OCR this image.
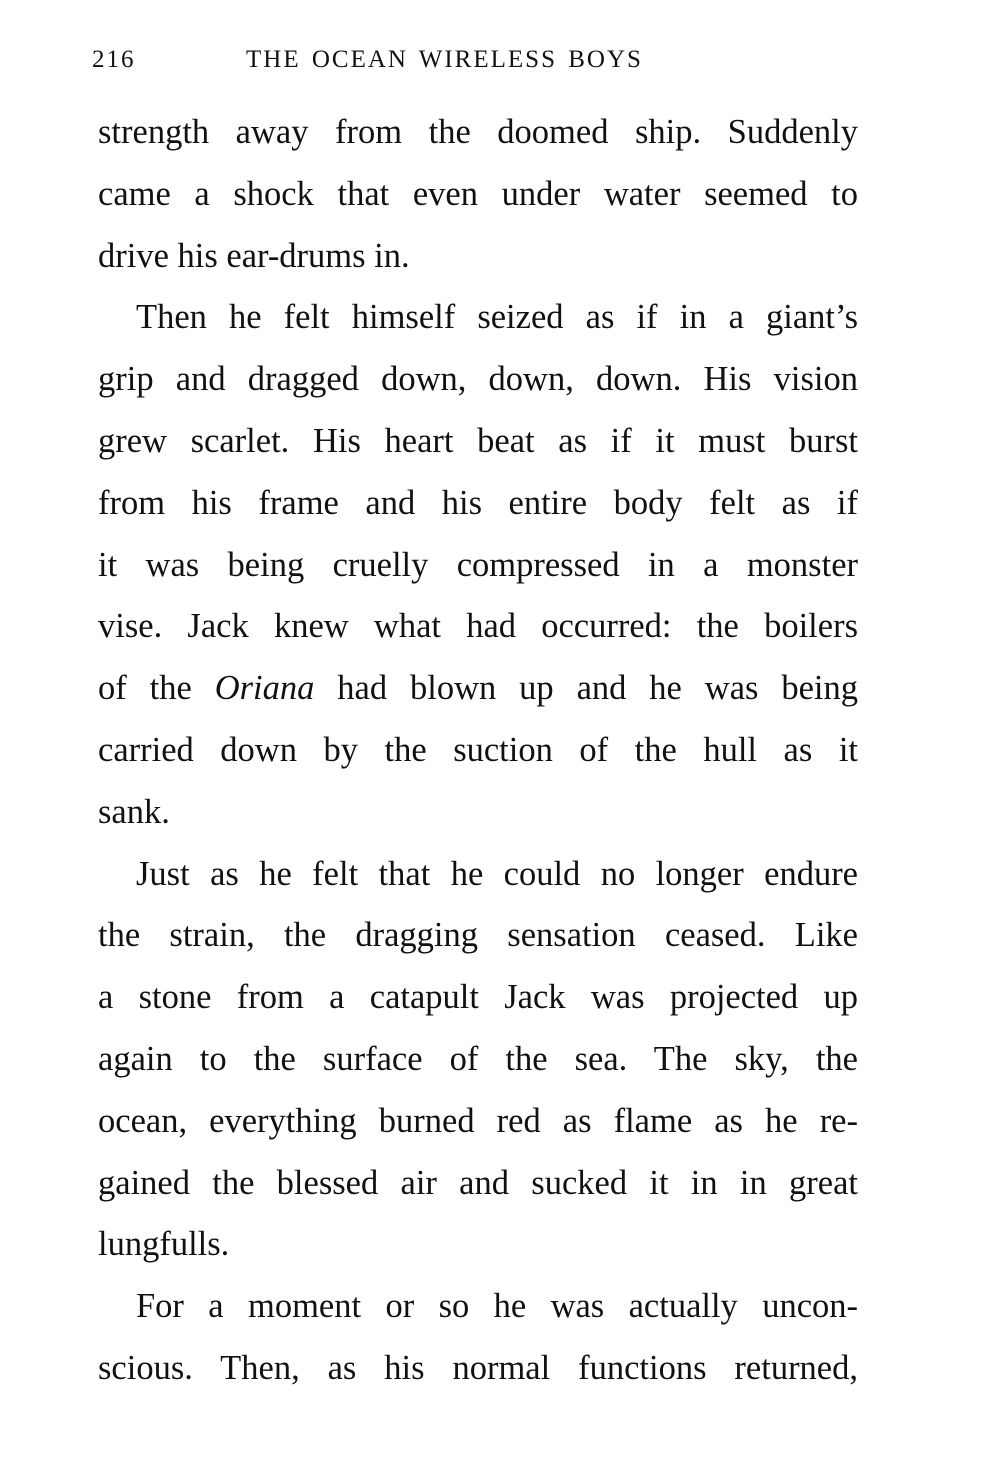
216	THE OCEAN WIRELESS BOYS

strength away from the doomed ship. Suddenly
came a shock that even under water seemed to
drive his ear-drums in.

Then he felt himself seized as if in a giant’s
grip and dragged down, down, down. His vision
grew scarlet. His heart beat as if it must burst
from his frame and his entire body felt as if
it was being cruelly compressed in a monster
vise. Jack knew what had occurred: the boilers
of the Oriana had blown up and he was being
carried down by the suction of the hull as it
sank.

Just as he felt that he could no longer endure
the strain, the dragging sensation ceased. Like
a stone from a catapult Jack was projected up
again to the surface of the sea. The sky, the
ocean, everything burned red as flame as he re-
gained the blessed air and sucked it in in great
lungfulls.

For a moment or so he was actually uncon-
scious. Then, as his normal functions returned,
